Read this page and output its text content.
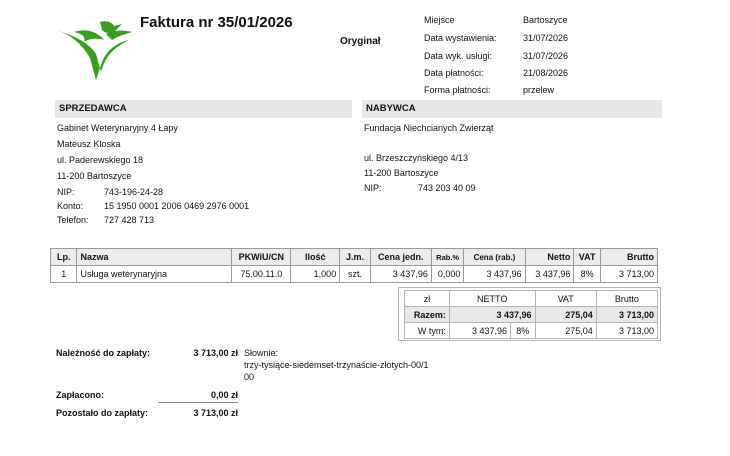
Faktura nr 35/01/2026
Oryginał
Miejsce	Bartoszyce
Data wystawienia:	31/07/2026
Data wyk. usługi:	31/07/2026
Data płatności:	21/08/2026
Forma płatności:	przelew
SPRZEDAWCA
Gabinet Weterynaryjny 4 Łapy
Mateusz Kloska
ul. Paderewskiego 18
11-200 Bartoszyce
NIP:	743-196-24-28
Konto: 15 1950 0001 2006 0469 2976 0001
Telefon: 727 428 713
NABYWCA
Fundacja Niechcianych Zwierząt
ul. Brzeszczyńskiego 4/13
11-200 Bartoszyce
NIP:	743 203 40 09
Lp.	Nazwa	PKWiU/CN	Ilość	J.m.	Cena jedn.	Rab.%	Cena (rab.)	Netto	VAT	Brutto
1	Usługa weterynaryjna	75.00.11.0	1,000	szt.	3 437,96	0,000	3 437,96	3 437,96	8%	3 713,00
zł	NETTO		VAT	Brutto
Razem:	3 437,96		275,04	3 713,00
W tym:	3 437,96	8%	275,04	3 713,00
Należność do zapłaty:	3 713,00 zł Słownie:
trzy-tysiące-siedemset-trzynaście-złotych-00/1
00
Zapłacono:	0,00 zł
Pozostało do zapłaty:	3 713,00 zł
